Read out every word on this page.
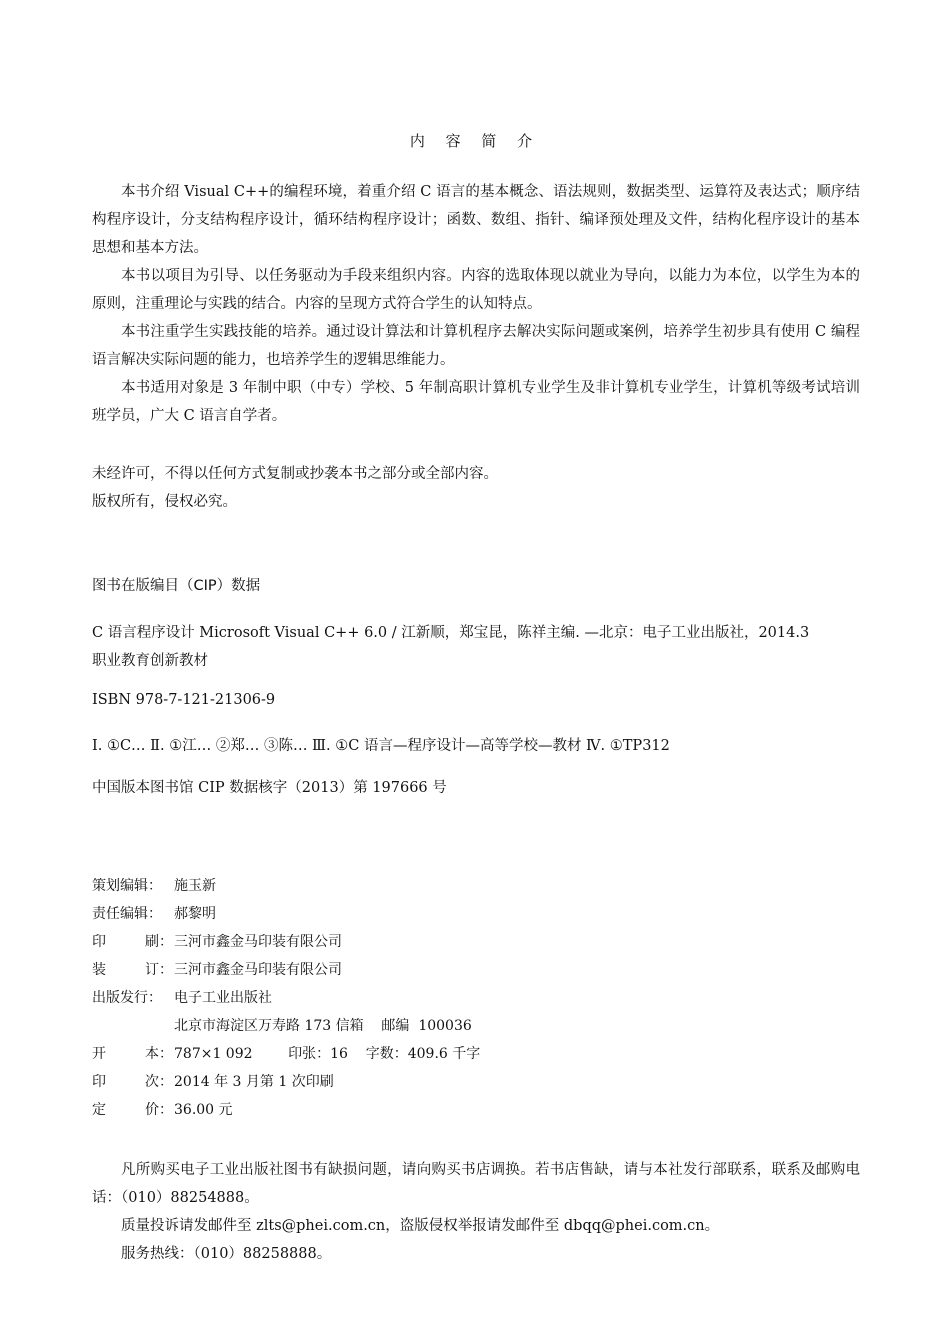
内 容 简 介

本书介绍 Visual C++的编程环境，着重介绍 C 语言的基本概念、语法规则，数据类型、运算符及表达式；顺序结构程序设计，分支结构程序设计，循环结构程序设计；函数、数组、指针、编译预处理及文件，结构化程序设计的基本思想和基本方法。

本书以项目为引导、以任务驱动为手段来组织内容。内容的选取体现以就业为导向，以能力为本位，以学生为本的原则，注重理论与实践的结合。内容的呈现方式符合学生的认知特点。

本书注重学生实践技能的培养。通过设计算法和计算机程序去解决实际问题或案例，培养学生初步具有使用 C 编程语言解决实际问题的能力，也培养学生的逻辑思维能力。

本书适用对象是 3 年制中职（中专）学校、5 年制高职计算机专业学生及非计算机专业学生，计算机等级考试培训班学员，广大 C 语言自学者。

未经许可，不得以任何方式复制或抄袭本书之部分或全部内容。
版权所有，侵权必究。
图书在版编目（CIP）数据
C 语言程序设计 Microsoft Visual C++ 6.0 / 江新顺，郑宝昆，陈祥主编. —北京：电子工业出版社，2014.3
职业教育创新教材
ISBN 978-7-121-21306-9
Ⅰ. ①C… Ⅱ. ①江… ②郑… ③陈… Ⅲ. ①C 语言—程序设计—高等学校—教材 Ⅳ. ①TP312
中国版本图书馆 CIP 数据核字（2013）第 197666 号
策划编辑： 施玉新
责任编辑： 郝黎明
印	刷： 三河市鑫金马印装有限公司
装	订： 三河市鑫金马印装有限公司
出版发行： 电子工业出版社
北京市海淀区万寿路 173 信箱    邮编  100036
开	本： 787×1 092        印张：16    字数：409.6 千字
印	次： 2014 年 3 月第 1 次印刷
定	价： 36.00 元

凡所购买电子工业出版社图书有缺损问题，请向购买书店调换。若书店售缺，请与本社发行部联系，联系及邮购电话：（010）88254888。

质量投诉请发邮件至 zlts@phei.com.cn，盗版侵权举报请发邮件至 dbqq@phei.com.cn。

服务热线：（010）88258888。
